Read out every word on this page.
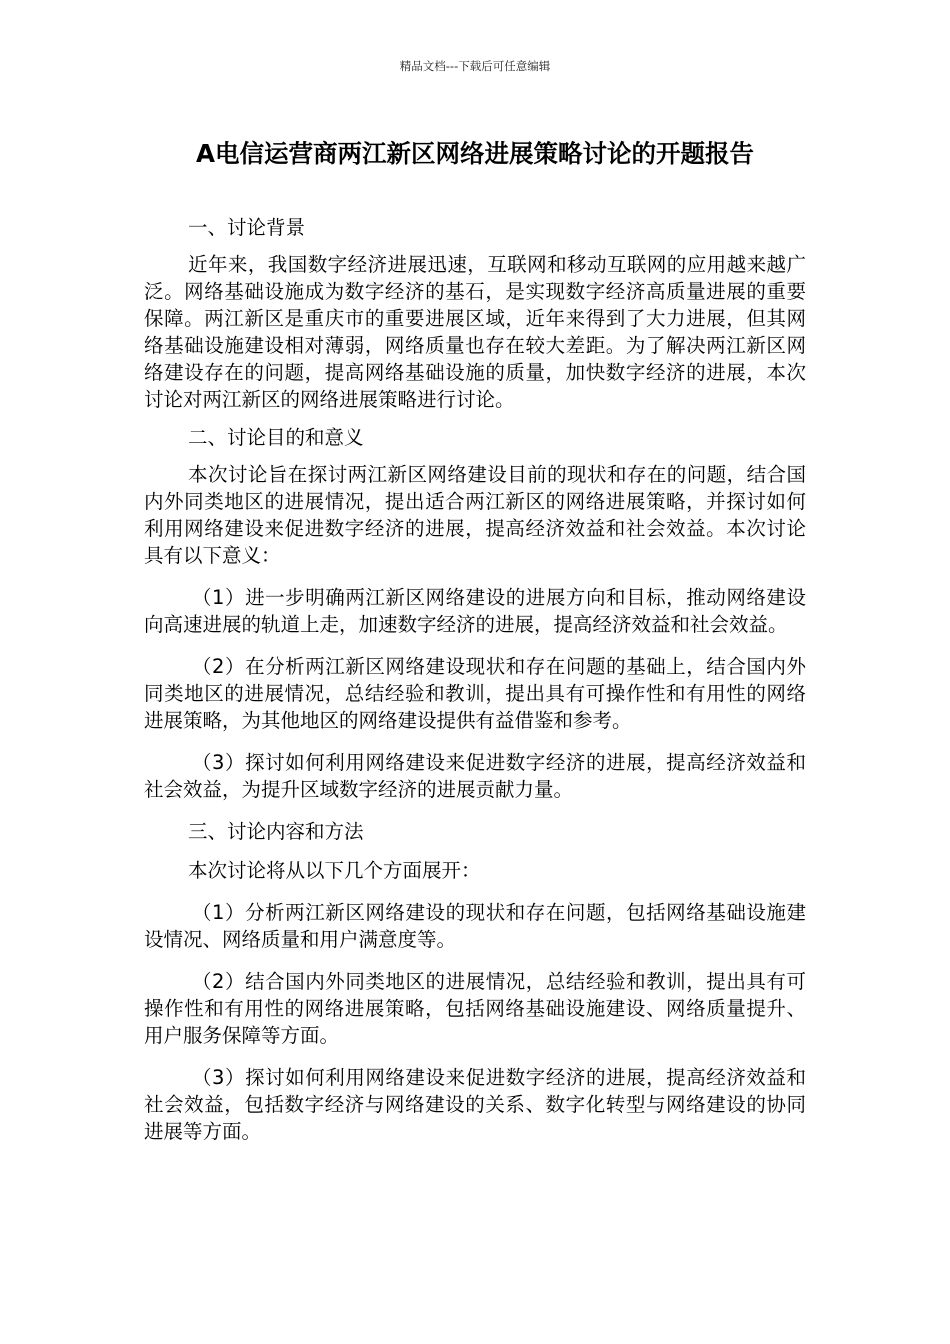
精品文档---下载后可任意编辑
A电信运营商两江新区网络进展策略讨论的开题报告

一、讨论背景

近年来，我国数字经济进展迅速，互联网和移动互联网的应用越来越广泛。网络基础设施成为数字经济的基石，是实现数字经济高质量进展的重要保障。两江新区是重庆市的重要进展区域，近年来得到了大力进展，但其网络基础设施建设相对薄弱，网络质量也存在较大差距。为了解决两江新区网络建设存在的问题，提高网络基础设施的质量，加快数字经济的进展，本次讨论对两江新区的网络进展策略进行讨论。

二、讨论目的和意义

本次讨论旨在探讨两江新区网络建设目前的现状和存在的问题，结合国内外同类地区的进展情况，提出适合两江新区的网络进展策略，并探讨如何利用网络建设来促进数字经济的进展，提高经济效益和社会效益。本次讨论具有以下意义：

（1）进一步明确两江新区网络建设的进展方向和目标，推动网络建设向高速进展的轨道上走，加速数字经济的进展，提高经济效益和社会效益。

（2）在分析两江新区网络建设现状和存在问题的基础上，结合国内外同类地区的进展情况，总结经验和教训，提出具有可操作性和有用性的网络进展策略，为其他地区的网络建设提供有益借鉴和参考。

（3）探讨如何利用网络建设来促进数字经济的进展，提高经济效益和社会效益，为提升区域数字经济的进展贡献力量。

三、讨论内容和方法

本次讨论将从以下几个方面展开：

（1）分析两江新区网络建设的现状和存在问题，包括网络基础设施建设情况、网络质量和用户满意度等。

（2）结合国内外同类地区的进展情况，总结经验和教训，提出具有可操作性和有用性的网络进展策略，包括网络基础设施建设、网络质量提升、用户服务保障等方面。

（3）探讨如何利用网络建设来促进数字经济的进展，提高经济效益和社会效益，包括数字经济与网络建设的关系、数字化转型与网络建设的协同进展等方面。
